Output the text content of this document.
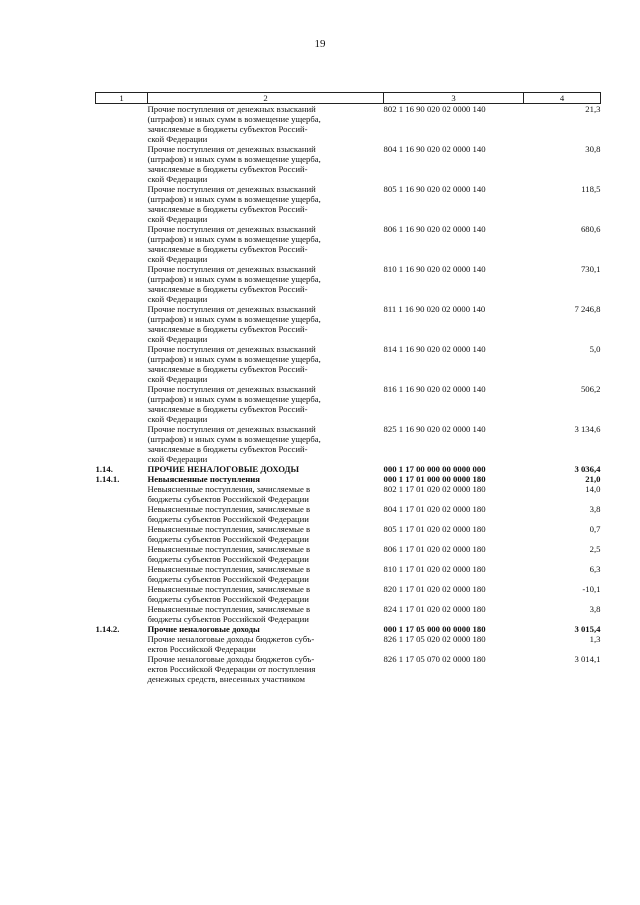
19
1	2	3	4

	Прочие поступления от денежных взысканий
(штрафов) и иных сумм в возмещение ущерба,
зачисляемые в бюджеты субъектов Россий-
ской Федерации	802 1 16 90 020 02 0000 140	21,3

	Прочие поступления от денежных взысканий
(штрафов) и иных сумм в возмещение ущерба,
зачисляемые в бюджеты субъектов Россий-
ской Федерации	804 1 16 90 020 02 0000 140	30,8

	Прочие поступления от денежных взысканий
(штрафов) и иных сумм в возмещение ущерба,
зачисляемые в бюджеты субъектов Россий-
ской Федерации	805 1 16 90 020 02 0000 140	118,5

	Прочие поступления от денежных взысканий
(штрафов) и иных сумм в возмещение ущерба,
зачисляемые в бюджеты субъектов Россий-
ской Федерации	806 1 16 90 020 02 0000 140	680,6

	Прочие поступления от денежных взысканий
(штрафов) и иных сумм в возмещение ущерба,
зачисляемые в бюджеты субъектов Россий-
ской Федерации	810 1 16 90 020 02 0000 140	730,1

	Прочие поступления от денежных взысканий
(штрафов) и иных сумм в возмещение ущерба,
зачисляемые в бюджеты субъектов Россий-
ской Федерации	811 1 16 90 020 02 0000 140	7 246,8

	Прочие поступления от денежных взысканий
(штрафов) и иных сумм в возмещение ущерба,
зачисляемые в бюджеты субъектов Россий-
ской Федерации	814 1 16 90 020 02 0000 140	5,0

	Прочие поступления от денежных взысканий
(штрафов) и иных сумм в возмещение ущерба,
зачисляемые в бюджеты субъектов Россий-
ской Федерации	816 1 16 90 020 02 0000 140	506,2

	Прочие поступления от денежных взысканий
(штрафов) и иных сумм в возмещение ущерба,
зачисляемые в бюджеты субъектов Россий-
ской Федерации	825 1 16 90 020 02 0000 140	3 134,6
1.14.	ПРОЧИЕ НЕНАЛОГОВЫЕ ДОХОДЫ	000 1 17 00 000 00 0000 000	3 036,4
1.14.1.	Невыясненные поступления	000 1 17 01 000 00 0000 180	21,0

	Невыясненные поступления, зачисляемые в
бюджеты субъектов Российской Федерации	802 1 17 01 020 02 0000 180	14,0

	Невыясненные поступления, зачисляемые в
бюджеты субъектов Российской Федерации	804 1 17 01 020 02 0000 180	3,8

	Невыясненные поступления, зачисляемые в
бюджеты субъектов Российской Федерации	805 1 17 01 020 02 0000 180	0,7

	Невыясненные поступления, зачисляемые в
бюджеты субъектов Российской Федерации	806 1 17 01 020 02 0000 180	2,5

	Невыясненные поступления, зачисляемые в
бюджеты субъектов Российской Федерации	810 1 17 01 020 02 0000 180	6,3

	Невыясненные поступления, зачисляемые в
бюджеты субъектов Российской Федерации	820 1 17 01 020 02 0000 180	-10,1

	Невыясненные поступления, зачисляемые в
бюджеты субъектов Российской Федерации	824 1 17 01 020 02 0000 180	3,8
1.14.2.	Прочие неналоговые доходы	000 1 17 05 000 00 0000 180	3 015,4

	Прочие неналоговые доходы бюджетов субъ-
ектов Российской Федерации	826 1 17 05 020 02 0000 180	1,3

	Прочие неналоговые доходы бюджетов субъ-
ектов Российской Федерации от поступления
денежных средств, внесенных участником	826 1 17 05 070 02 0000 180	3 014,1
